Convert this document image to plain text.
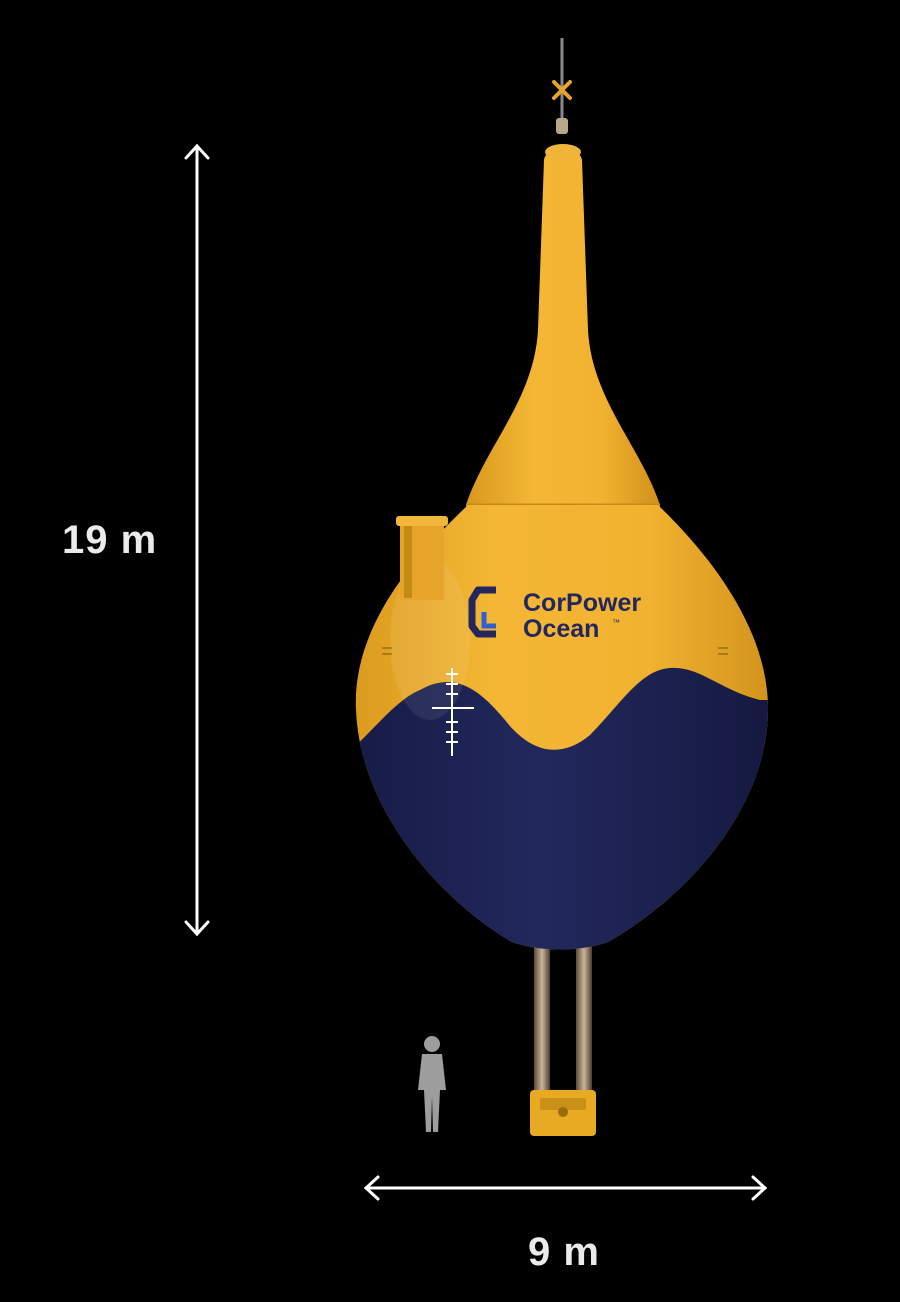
CorPower
Ocean ™
19 m
9 m
